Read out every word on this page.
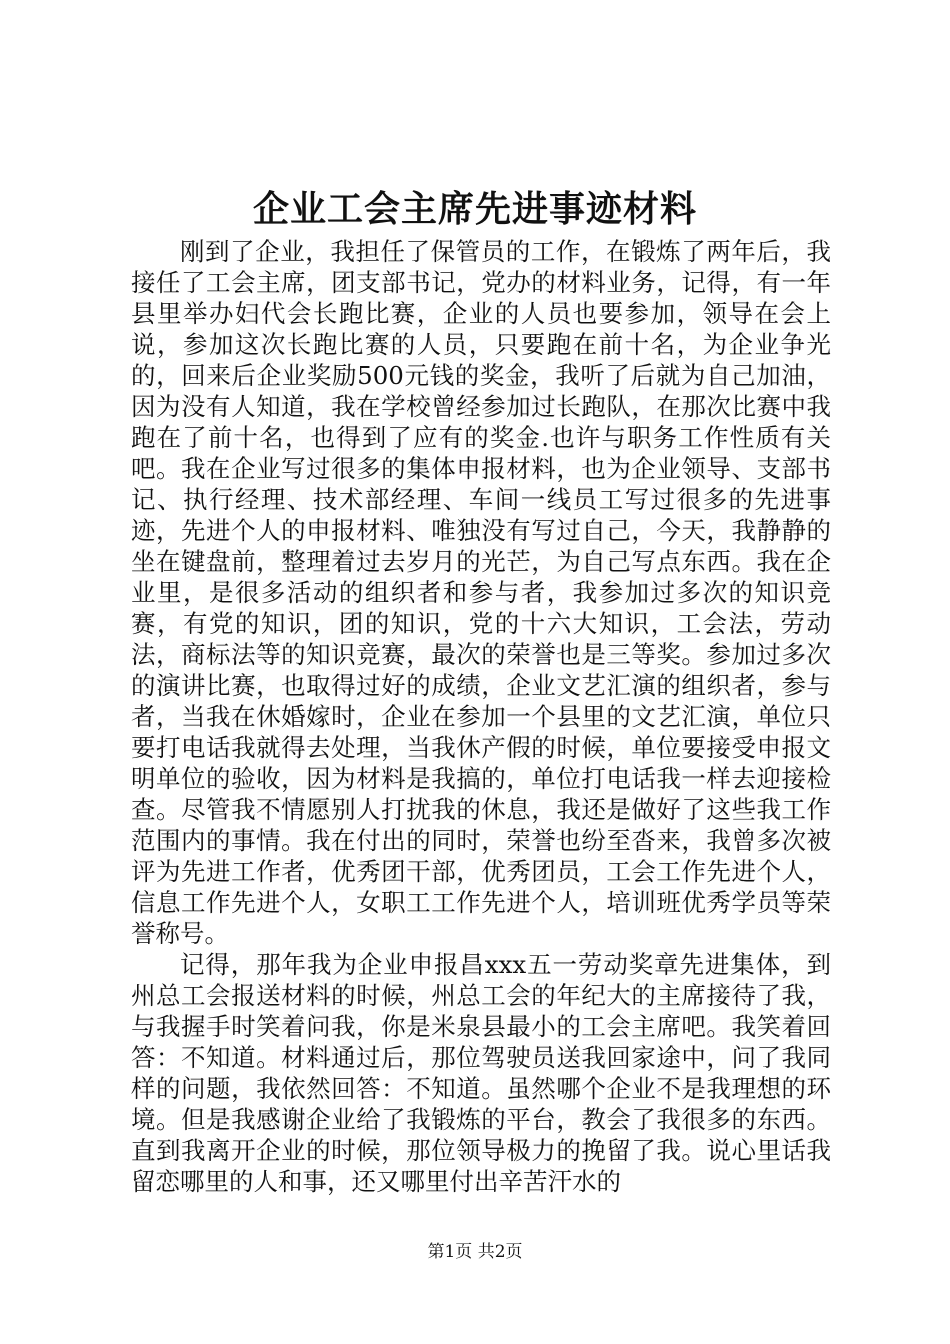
企业工会主席先进事迹材料

刚到了企业，我担任了保管员的工作，在锻炼了两年后，我接任了工会主席，团支部书记，党办的材料业务，记得，有一年县里举办妇代会长跑比赛，企业的人员也要参加，领导在会上说，参加这次长跑比赛的人员，只要跑在前十名，为企业争光的，回来后企业奖励500元钱的奖金，我听了后就为自己加油，因为没有人知道，我在学校曾经参加过长跑队，在那次比赛中我跑在了前十名，也得到了应有的奖金.也许与职务工作性质有关吧。我在企业写过很多的集体申报材料，也为企业领导、支部书记、执行经理、技术部经理、车间一线员工写过很多的先进事迹，先进个人的申报材料、唯独没有写过自己，今天，我静静的坐在键盘前，整理着过去岁月的光芒，为自己写点东西。我在企业里，是很多活动的组织者和参与者，我参加过多次的知识竞赛，有党的知识，团的知识，党的十六大知识，工会法，劳动法，商标法等的知识竞赛，最次的荣誉也是三等奖。参加过多次的演讲比赛，也取得过好的成绩，企业文艺汇演的组织者，参与者，当我在休婚嫁时，企业在参加一个县里的文艺汇演，单位只要打电话我就得去处理，当我休产假的时候，单位要接受申报文明单位的验收，因为材料是我搞的，单位打电话我一样去迎接检查。尽管我不情愿别人打扰我的休息，我还是做好了这些我工作范围内的事情。我在付出的同时，荣誉也纷至沓来，我曾多次被评为先进工作者，优秀团干部，优秀团员，工会工作先进个人，信息工作先进个人，女职工工作先进个人，培训班优秀学员等荣誉称号。

记得，那年我为企业申报昌xxx五一劳动奖章先进集体，到州总工会报送材料的时候，州总工会的年纪大的主席接待了我，与我握手时笑着问我，你是米泉县最小的工会主席吧。我笑着回答：不知道。材料通过后，那位驾驶员送我回家途中，问了我同样的问题，我依然回答：不知道。虽然哪个企业不是我理想的环境。但是我感谢企业给了我锻炼的平台，教会了我很多的东西。直到我离开企业的时候，那位领导极力的挽留了我。说心里话我留恋哪里的人和事，还又哪里付出辛苦汗水的

第1页 共2页
